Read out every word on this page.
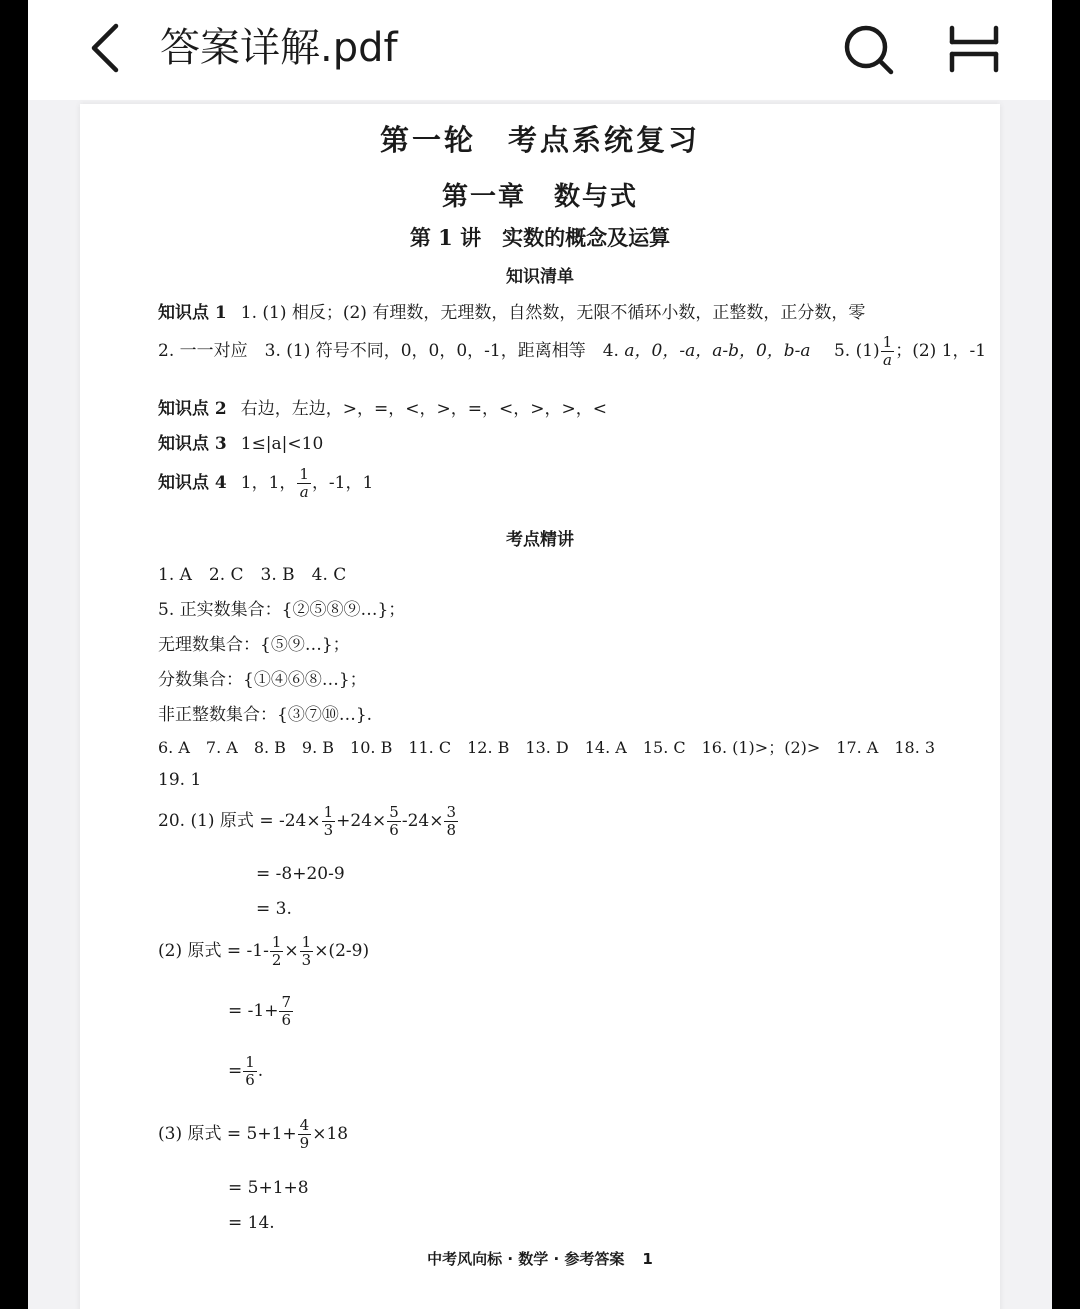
答案详解.pdf
第一轮　考点系统复习
第一章　数与式
第 1 讲　实数的概念及运算
知识清单
知识点 1 1. (1) 相反；(2) 有理数，无理数，自然数，无限不循环小数，正整数，正分数，零
2. 一一对应　3. (1) 符号不同，0，0，0，-1，距离相等　4. a，0，-a，a-b，0，b-a 5. $(1) \frac{1}{a}$ ；(2) 1，-1
知识点 2 右边，左边，>，=，<，>，=，<，>，>，<
知识点 3 1≤|a|<10
知识点 4 1，1， $\frac{1}{a}$ ，-1，1
考点精讲
1. A　2. C　3. B　4. C
5. 正实数集合：{②⑤⑧⑨…}；
无理数集合：{⑤⑨…}；
分数集合：{①④⑥⑧…}；
非正整数集合：{③⑦⑩…}.
6. A　7. A　8. B　9. B　10. B　11. C　12. B　13. D　14. A　15. C　16. (1)>；(2)>　17. A　18. 3
19. 1
20. (1) 原式 = $-24\times \frac{1}{3} +24\times \frac{5}{6} -24\times \frac{3}{8}$
= -8+20-9
= 3.
(2) 原式 = $-1- \frac{1}{2} \times \frac{1}{3} \times(2-9)$
= $-1+ \frac{7}{6}$
= $\frac{1}{6}$ .
(3) 原式 = $5+1+ \frac{4}{9} \times 18$
= 5+1+8
= 14.
中考风向标 · 数学 · 参考答案 1
